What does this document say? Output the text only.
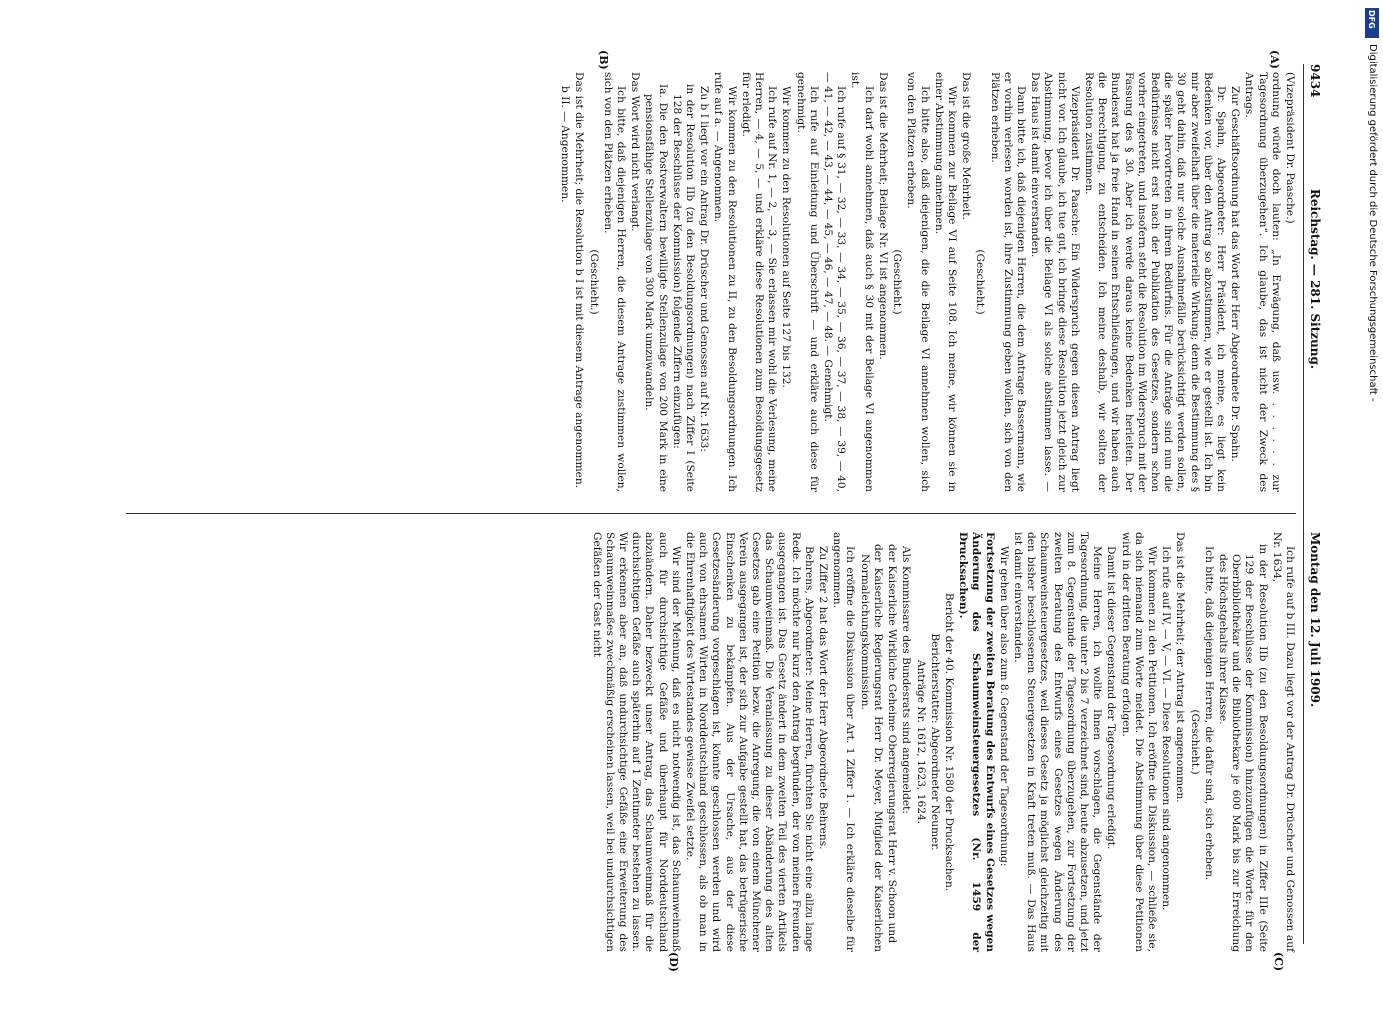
9434
Reichstag. — 281. Sitzung.
Montag den 12. Juli 1909.
(A)
(B)
(C)
(D)

(Vizepräsident Dr. Paasche.)

ordnung würde doch lauten: „In Erwägung, daß usw. . . . . . . zur Tagesordnung überzugehen“. Ich glaube, das ist nicht der Zweck des Antrags.

Zur Geschäftsordnung hat das Wort der Herr Abgeordnete Dr. Spahn.

Dr. Spahn, Abgeordneter: Herr Präsident, ich meine, es liegt kein Bedenken vor, über den Antrag so abzustimmen, wie er gestellt ist. Ich bin mir aber zweifelhaft über die materielle Wirkung; denn die Bestimmung des § 30 geht dahin, daß nur solche Ausnahmefälle berücksichtigt werden sollen, die später hervortreten in ihrem Bedürfnis. Für die Anträge sind nun die Bedürfnisse nicht erst nach der Publikation des Gesetzes, sondern schon vorher eingetreten, und insofern steht die Resolution im Widerspruch mit der Fassung des § 30. Aber ich werde daraus keine Bedenken herleiten. Der Bundesrat hat ja freie Hand in seinen Entschließungen, und wir haben auch die Berechtigung, zu entscheiden. Ich meine deshalb, wir sollten der Resolution zustimmen.

Vizepräsident Dr. Paasche: Ein Widerspruch gegen diesen Antrag liegt nicht vor. Ich glaube, ich tue gut, ich bringe diese Resolution jetzt gleich zur Abstimmung, bevor ich über die Beilage VI als solche abstimmen lasse. — Das Haus ist damit einverstanden.

Dann bitte ich, daß diejenigen Herren, die dem Antrage Bassermann, wie er vorhin verlesen worden ist, ihre Zustimmung geben wollen, sich von den Plätzen erheben.

(Geschieht.)

Das ist die große Mehrheit.

Wir kommen zur Beilage VI auf Seite 108. Ich meine, wir können sie in einer Abstimmung annehmen.

Ich bitte also, daß diejenigen, die die Beilage VI annehmen wollen, sich von den Plätzen erheben.

(Geschieht.)

Das ist die Mehrheit; Beilage Nr. VI ist angenommen.

Ich darf wohl annehmen, daß auch § 30 mit der Beilage VI angenommen ist.

Ich rufe auf § 31, — 32, — 33, — 34, — 35, — 36, — 37, — 38, — 39, — 40, — 41, — 42, — 43, — 44, — 45, — 46, — 47, — 48. — Genehmigt.

Ich rufe auf Einleitung und Überschrift — und erkläre auch diese für genehmigt.

Wir kommen zu den Resolutionen auf Seite 127 bis 132.

Ich rufe auf Nr. 1, — 2, — 3, — Sie erlassen mir wohl die Verlesung, meine Herren, — 4, — 5, — und erkläre diese Resolutionen zum Besoldungsgesetz für erledigt.

Wir kommen zu den Resolutionen zu II, zu den Besoldungsordnungen. Ich rufe auf a. — Angenommen.

Zu b I liegt vor ein Antrag Dr. Drüscher und Genossen auf Nr. 1633:

in der Resolution IIb (zu den Besoldungsordnungen) nach Ziffer I (Seite 128 der Beschlüsse der Kommission) folgende Ziffern einzufügen:

Ia. Die den Postverwaltern bewilligte Stellenzulage von 200 Mark in eine pensionsfähige Stellenzulage von 300 Mark umzuwandeln.

Das Wort wird nicht verlangt.

Ich bitte, daß diejenigen Herren, die diesem Antrage zustimmen wollen, sich von den Plätzen erheben.

(Geschieht.)

Das ist die Mehrheit; die Resolution b I ist mit diesem Antrage angenommen.

b II. — Angenommen.

Ich rufe auf b III. Dazu liegt vor der Antrag Dr. Drüscher und Genossen auf Nr. 1634,

in der Resolution IIb (zu den Besoldungsordnungen) in Ziffer IIIe (Seite 129 der Beschlüsse der Kommission) hinzuzufügen die Worte: für den Oberbibliothekar und die Bibliothekare je 600 Mark bis zur Erreichung des Höchstgehalts ihrer Klasse.

Ich bitte, daß diejenigen Herren, die dafür sind, sich erheben.

(Geschieht.)

Das ist die Mehrheit; der Antrag ist angenommen.

Ich rufe auf IV, — V, — VI. — Diese Resolutionen sind angenommen.

Wir kommen zu den Petitionen. Ich eröffne die Diskussion, — schließe sie, da sich niemand zum Worte meldet. Die Abstimmung über diese Petitionen wird in der dritten Beratung erfolgen.

Damit ist dieser Gegenstand der Tagesordnung erledigt.

Meine Herren, ich wollte Ihnen vorschlagen, die Gegenstände der Tagesordnung, die unter 2 bis 7 verzeichnet sind, heute abzusetzen, und jetzt zum 8. Gegenstande der Tagesordnung überzugehen, zur Fortsetzung der zweiten Beratung des Entwurfs eines Gesetzes wegen Änderung des Schaumweinsteuergesetzes, weil dieses Gesetz ja möglichst gleichzeitig mit den bisher beschlossenen Steuergesetzen in Kraft treten muß. — Das Haus ist damit einverstanden.

Wir gehen über also zum 8. Gegenstand der Tagesordnung:

Fortsetzung der zweiten Beratung des Entwurfs eines Gesetzes wegen Änderung des Schaumweinsteuergesetzes (Nr. 1459 der Drucksachen).

Bericht der 40. Kommission Nr. 1580 der Drucksachen.

Berichterstatter: Abgeordneter Neumer.

Anträge Nr. 1612, 1623, 1624.

Als Kommissare des Bundesrats sind angemeldet:

der Kaiserliche Wirkliche Geheime Oberregierungsrat Herr v. Schoon und

der Kaiserliche Regierungsrat Herr Dr. Meyer, Mitglied der Kaiserlichen Normaleichungskommission.

Ich eröffne die Diskussion über Art. 1 Ziffer 1. — Ich erkläre dieselbe für angenommen.

Zu Ziffer 2 hat das Wort der Herr Abgeordnete Behrens.

Behrens, Abgeordneter: Meine Herren, fürchten Sie nicht eine allzu lange Rede. Ich möchte nur kurz den Antrag begründen, der von meinen Freunden ausgegangen ist. Das Gesetz ändert in dem zweiten Teil des vierten Artikels das Schaumweinmaß. Die Veranlassung zu dieser Abänderung des alten Gesetzes gab eine Petition bezw. die Anregung, die von einem Münchener Verein ausgegangen ist, der sich zur Aufgabe gestellt hat, das betrügerische Einschenken zu bekämpfen. Aus der Ursache, aus der diese Gesetzesänderung vorgeschlagen ist, könnte geschlossen werden und wird auch von ehrsamen Wirten in Norddeutschland geschlossen, als ob man in die Ehrenhaftigkeit des Wirtestandes gewisse Zweifel setzte.

Wir sind der Meinung, daß es nicht notwendig ist, das Schaumweinmaß auch für durchsichtige Gefäße und überhaupt für Norddeutschland abzuändern. Daher bezweckt unser Antrag, das Schaumweinmaß für die durchsichtigen Gefäße auch späterhin auf 1 Zentimeter bestehen zu lassen. Wir erkennen aber an, daß undurchsichtige Gefäße eine Erweiterung des Schaumweinmaßes zweckmäßig erscheinen lassen, weil bei undurchsichtigen Gefäßen der Gast nicht

DFG
Digitalisierung gefördert durch die Deutsche Forschungsgemeinschaft -
